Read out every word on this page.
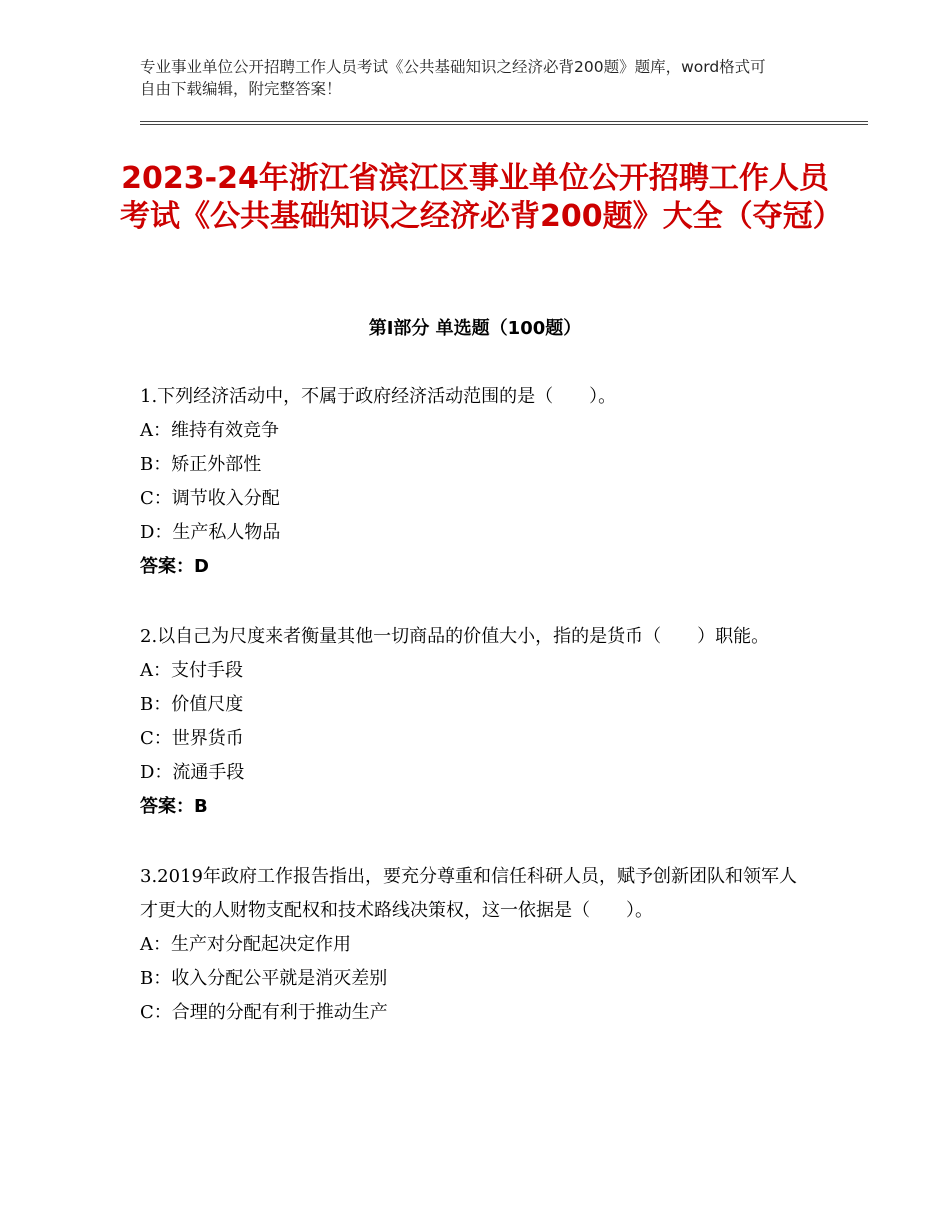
专业事业单位公开招聘工作人员考试《公共基础知识之经济必背200题》题库，word格式可自由下载编辑，附完整答案！
2023-24年浙江省滨江区事业单位公开招聘工作人员考试《公共基础知识之经济必背200题》大全（夺冠）
第Ⅰ部分 单选题（100题）

1.下列经济活动中，不属于政府经济活动范围的是（　　）。

A：维持有效竞争

B：矫正外部性

C：调节收入分配

D：生产私人物品

答案：D

2.以自己为尺度来者衡量其他一切商品的价值大小，指的是货币（　　）职能。

A：支付手段

B：价值尺度

C：世界货币

D：流通手段

答案：B

3.2019年政府工作报告指出，要充分尊重和信任科研人员，赋予创新团队和领军人才更大的人财物支配权和技术路线决策权，这一依据是（　　）。

A：生产对分配起决定作用

B：收入分配公平就是消灭差别

C：合理的分配有利于推动生产
